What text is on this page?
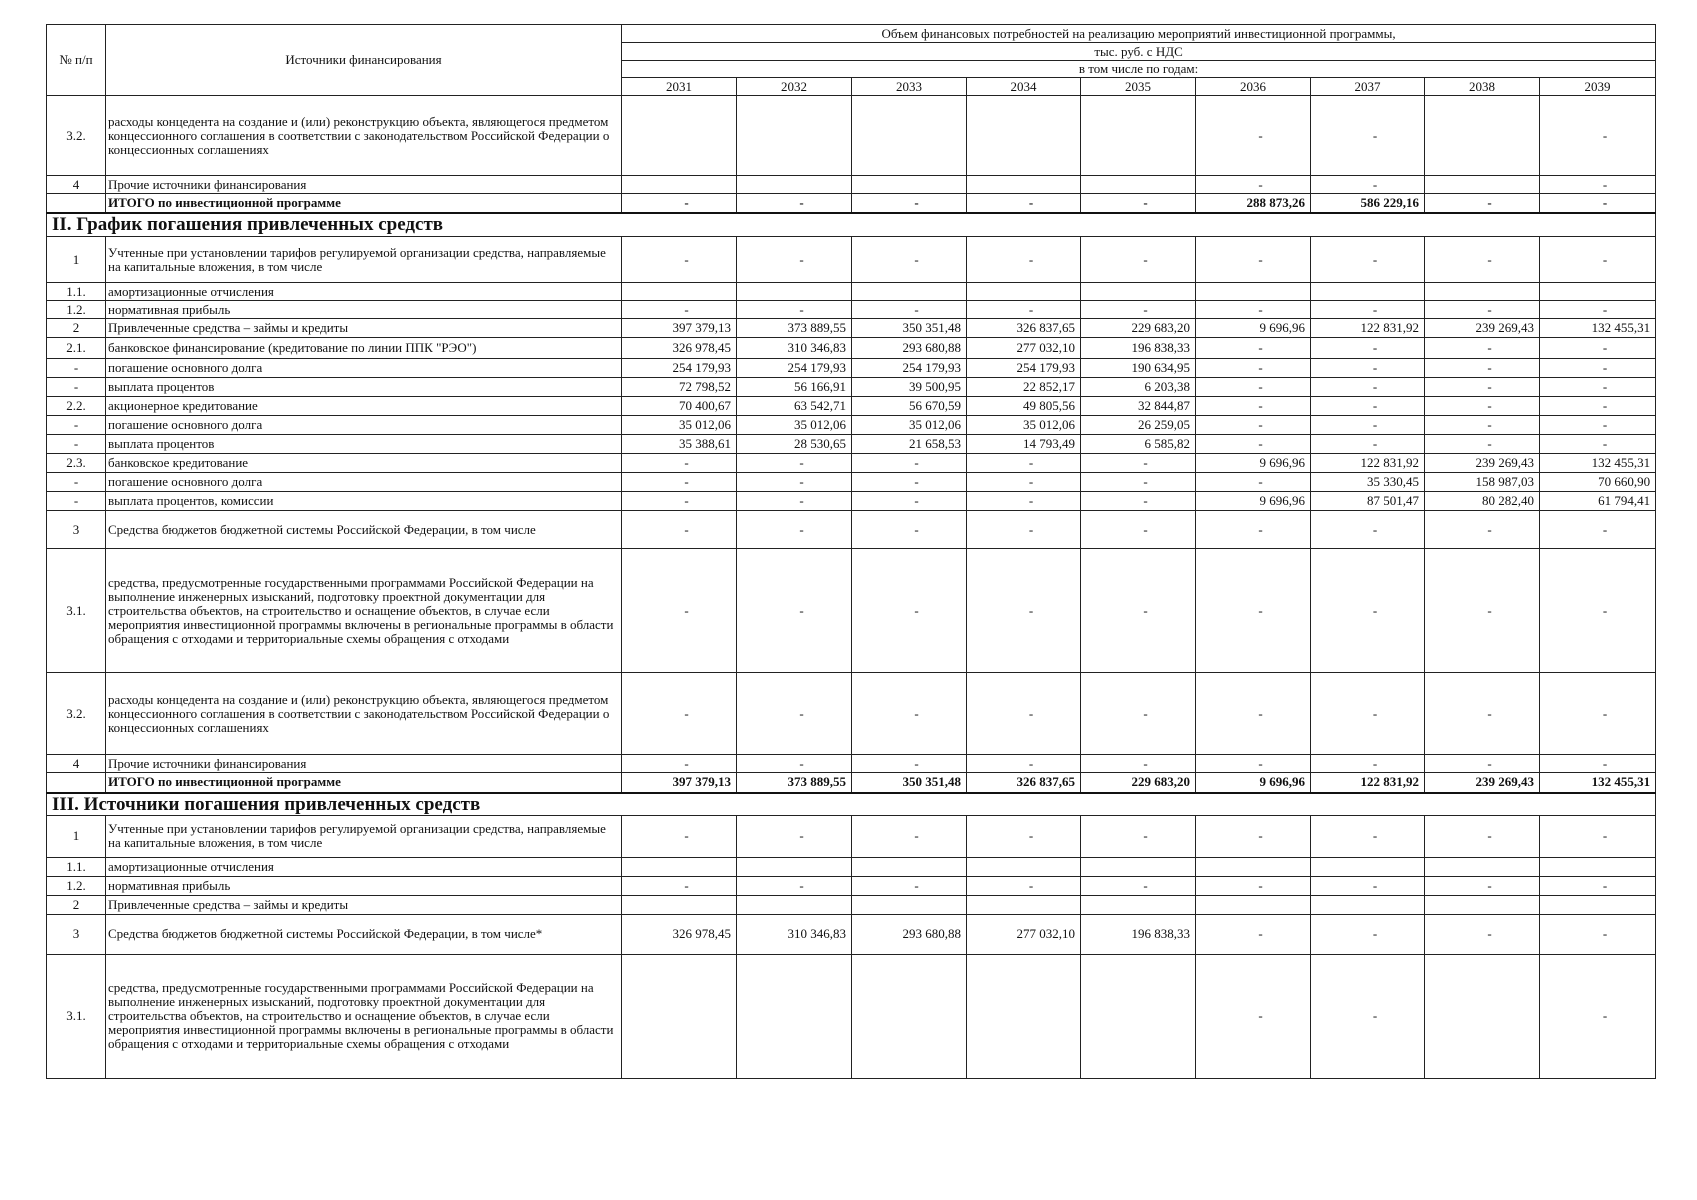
№ п/п	Источники финансирования	Объем финансовых потребностей на реализацию мероприятий инвестиционной программы,								
		тыс. руб. с НДС								
		в том числе по годам:								
		2031	2032	2033	2034	2035	2036	2037	2038	2039
3.2.	расходы концедента на создание и (или) реконструкцию объекта, являющегося предметом концессионного соглашения в соответствии с законодательством Российской Федерации о концессионных соглашениях						-	-		-
4	Прочие источники финансирования						-	-		-
	ИТОГО по инвестиционной программе	-	-	-	-	-	288 873,26	586 229,16	-	-
II. График погашения привлеченных средств										
1	Учтенные при установлении тарифов регулируемой организации средства, направляемые на капитальные вложения, в том числе	-	-	-	-	-	-	-	-	-
1.1.	амортизационные отчисления									
1.2.	нормативная прибыль	-	-	-	-	-	-	-	-	-
2	Привлеченные средства – займы и кредиты	397 379,13	373 889,55	350 351,48	326 837,65	229 683,20	9 696,96	122 831,92	239 269,43	132 455,31
2.1.	банковское финансирование (кредитование по линии ППК "РЭО")	326 978,45	310 346,83	293 680,88	277 032,10	196 838,33	-	-	-	-
-	погашение основного долга	254 179,93	254 179,93	254 179,93	254 179,93	190 634,95	-	-	-	-
-	выплата процентов	72 798,52	56 166,91	39 500,95	22 852,17	6 203,38	-	-	-	-
2.2.	акционерное кредитование	70 400,67	63 542,71	56 670,59	49 805,56	32 844,87	-	-	-	-
-	погашение основного долга	35 012,06	35 012,06	35 012,06	35 012,06	26 259,05	-	-	-	-
-	выплата процентов	35 388,61	28 530,65	21 658,53	14 793,49	6 585,82	-	-	-	-
2.3.	банковское кредитование	-	-	-	-	-	9 696,96	122 831,92	239 269,43	132 455,31
-	погашение основного долга	-	-	-	-	-	-	35 330,45	158 987,03	70 660,90
-	выплата процентов, комиссии	-	-	-	-	-	9 696,96	87 501,47	80 282,40	61 794,41
3	Средства бюджетов бюджетной системы Российской Федерации, в том числе	-	-	-	-	-	-	-	-	-
3.1.	средства, предусмотренные государственными программами Российской Федерации на выполнение инженерных изысканий, подготовку проектной документации для строительства объектов, на строительство и оснащение объектов, в случае если мероприятия инвестиционной программы включены в региональные программы в области обращения с отходами и территориальные схемы обращения с отходами	-	-	-	-	-	-	-	-	-
3.2.	расходы концедента на создание и (или) реконструкцию объекта, являющегося предметом концессионного соглашения в соответствии с законодательством Российской Федерации о концессионных соглашениях	-	-	-	-	-	-	-	-	-
4	Прочие источники финансирования	-	-	-	-	-	-	-	-	-
	ИТОГО по инвестиционной программе	397 379,13	373 889,55	350 351,48	326 837,65	229 683,20	9 696,96	122 831,92	239 269,43	132 455,31
III. Источники погашения привлеченных средств										
1	Учтенные при установлении тарифов регулируемой организации средства, направляемые на капитальные вложения, в том числе	-	-	-	-	-	-	-	-	-
1.1.	амортизационные отчисления									
1.2.	нормативная прибыль	-	-	-	-	-	-	-	-	-
2	Привлеченные средства – займы и кредиты									
3	Средства бюджетов бюджетной системы Российской Федерации, в том числе*	326 978,45	310 346,83	293 680,88	277 032,10	196 838,33	-	-	-	-
3.1.	средства, предусмотренные государственными программами Российской Федерации на выполнение инженерных изысканий, подготовку проектной документации для строительства объектов, на строительство и оснащение объектов, в случае если мероприятия инвестиционной программы включены в региональные программы в области обращения с отходами и территориальные схемы обращения с отходами						-	-		-
